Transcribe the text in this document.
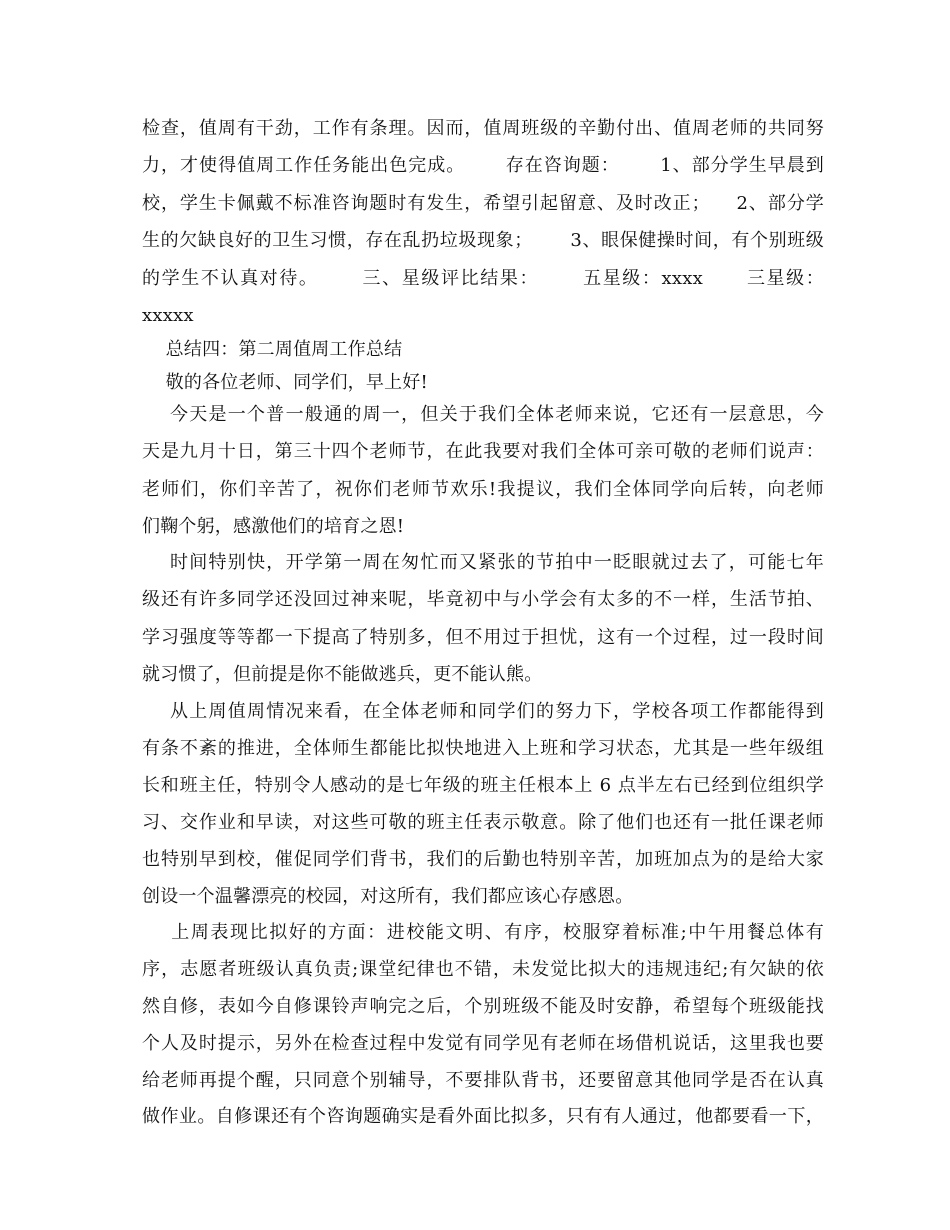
检查，值周有干劲，工作有条理。因而，值周班级的辛勤付出、值周老师的共同努
力，才使得值周工作任务能出色完成。      存在咨询题：      1、部分学生早晨到
校，学生卡佩戴不标准咨询题时有发生，希望引起留意、及时改正；    2、部分学
生的欠缺良好的卫生习惯，存在乱扔垃圾现象；      3、眼保健操时间，有个别班级
的学生不认真对待。      三、星级评比结果：      五星级：xxxx      三星级：
xxxxx
总结四：第二周值周工作总结
敬的各位老师、同学们，早上好!
今天是一个普一般通的周一，但关于我们全体老师来说，它还有一层意思，今
天是九月十日，第三十四个老师节，在此我要对我们全体可亲可敬的老师们说声：
老师们，你们辛苦了，祝你们老师节欢乐!我提议，我们全体同学向后转，向老师
们鞠个躬，感激他们的培育之恩!
时间特别快，开学第一周在匆忙而又紧张的节拍中一眨眼就过去了，可能七年
级还有许多同学还没回过神来呢，毕竟初中与小学会有太多的不一样，生活节拍、
学习强度等等都一下提高了特别多，但不用过于担忧，这有一个过程，过一段时间
就习惯了，但前提是你不能做逃兵，更不能认熊。
从上周值周情况来看，在全体老师和同学们的努力下，学校各项工作都能得到
有条不紊的推进，全体师生都能比拟快地进入上班和学习状态，尤其是一些年级组
长和班主任，特别令人感动的是七年级的班主任根本上 6 点半左右已经到位组织学
习、交作业和早读，对这些可敬的班主任表示敬意。除了他们也还有一批任课老师
也特别早到校，催促同学们背书，我们的后勤也特别辛苦，加班加点为的是给大家
创设一个温馨漂亮的校园，对这所有，我们都应该心存感恩。
上周表现比拟好的方面：进校能文明、有序，校服穿着标准;中午用餐总体有
序，志愿者班级认真负责;课堂纪律也不错，未发觉比拟大的违规违纪;有欠缺的依
然自修，表如今自修课铃声响完之后，个别班级不能及时安静，希望每个班级能找
个人及时提示，另外在检查过程中发觉有同学见有老师在场借机说话，这里我也要
给老师再提个醒，只同意个别辅导，不要排队背书，还要留意其他同学是否在认真
做作业。自修课还有个咨询题确实是看外面比拟多，只有有人通过，他都要看一下，
